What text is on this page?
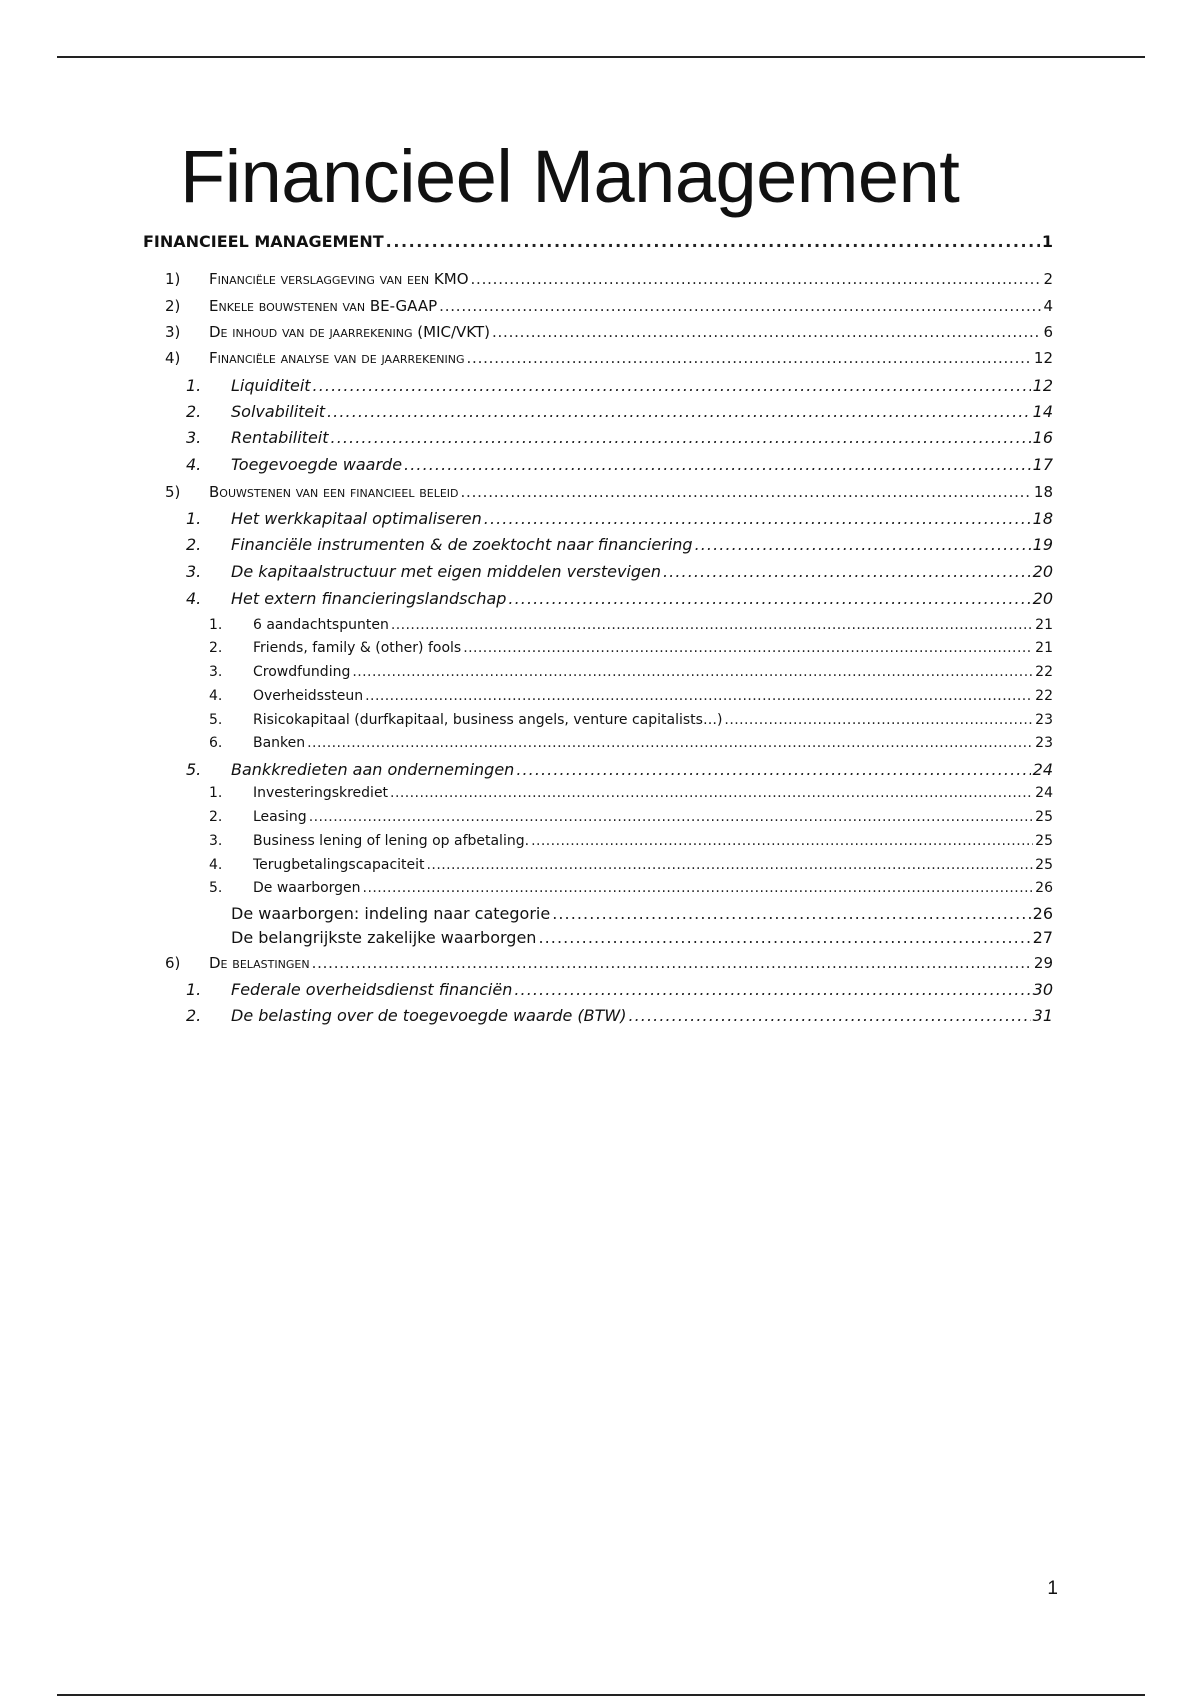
Financieel Management
FINANCIEEL MANAGEMENT . . .	1
1) Financiële verslaggeving van een KMO . . .	2
2) Enkele bouwstenen van BE-GAAP . . .	4
3) De inhoud van de jaarrekening (MIC/VKT) . . .	6
4) Financiële analyse van de jaarrekening . . .	12
1. Liquiditeit . . .	12
2. Solvabiliteit . . .	14
3. Rentabiliteit . . .	16
4. Toegevoegde waarde . . .	17
5) Bouwstenen van een financieel beleid . . .	18
1. Het werkkapitaal optimaliseren . . .	18
2. Financiële instrumenten & de zoektocht naar financiering . . .	19
3. De kapitaalstructuur met eigen middelen verstevigen . . .	20
4. Het extern financieringslandschap . . .	20
1. 6 aandachtspunten . . .	21
2. Friends, family & (other) fools . . .	21
3. Crowdfunding . . .	22
4. Overheidssteun . . .	22
5. Risicokapitaal (durfkapitaal, business angels, venture capitalists…) . . .	23
6. Banken . . .	23
5. Bankkredieten aan ondernemingen . . .	24
1. Investeringskrediet . . .	24
2. Leasing . . .	25
3. Business lening of lening op afbetaling. . . .	25
4. Terugbetalingscapaciteit . . .	25
5. De waarborgen . . .	26
De waarborgen: indeling naar categorie . . .	26
De belangrijkste zakelijke waarborgen . . .	27
6) De belastingen . . .	29
1. Federale overheidsdienst financiën . . .	30
2. De belasting over de toegevoegde waarde (BTW) . . .	31
1
